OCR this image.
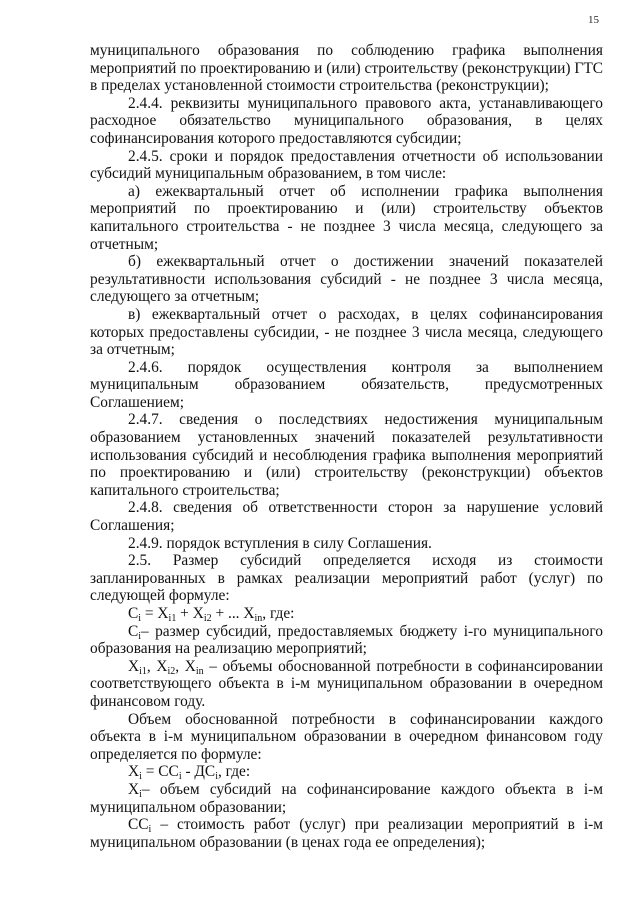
15

муниципального образования по соблюдению графика выполнения мероприятий по проектированию и (или) строительству (реконструкции) ГТС в пределах установленной стоимости строительства (реконструкции);

2.4.4. реквизиты муниципального правового акта, устанавливающего расходное обязательство муниципального образования, в целях софинансирования которого предоставляются субсидии;

2.4.5. сроки и порядок предоставления отчетности об использовании субсидий муниципальным образованием, в том числе:

а) ежеквартальный отчет об исполнении графика выполнения мероприятий по проектированию и (или) строительству объектов капитального строительства - не позднее 3 числа месяца, следующего за отчетным;

б) ежеквартальный отчет о достижении значений показателей результативности использования субсидий - не позднее 3 числа месяца, следующего за отчетным;

в) ежеквартальный отчет о расходах, в целях софинансирования которых предоставлены субсидии, - не позднее 3 числа месяца, следующего за отчетным;

2.4.6. порядок осуществления контроля за выполнением муниципальным образованием обязательств, предусмотренных Соглашением;

2.4.7. сведения о последствиях недостижения муниципальным образованием установленных значений показателей результативности использования субсидий и несоблюдения графика выполнения мероприятий по проектированию и (или) строительству (реконструкции) объектов капитального строительства;

2.4.8. сведения об ответственности сторон за нарушение условий Соглашения;

2.4.9. порядок вступления в силу Соглашения.

2.5. Размер субсидий определяется исходя из стоимости запланированных в рамках реализации мероприятий работ (услуг) по следующей формуле:

$C_i = X_{i1} + X_{i2}$ + ... $X_{in}$, где:

$C_i-$ размер субсидий, предоставляемых бюджету i-го муниципального образования на реализацию мероприятий;

$X_{i1}$, $X_{i2}$, $X_{in}$ – объемы обоснованной потребности в софинансировании соответствующего объекта в i-м муниципальном образовании в очередном финансовом году.

Объем обоснованной потребности в софинансировании каждого объекта в i-м муниципальном образовании в очередном финансовом году определяется по формуле:

$X_i = CC_i - ДС_i$, где:

$X_i-$ объем субсидий на софинансирование каждого объекта в i-м муниципальном образовании;

$CC_i$ – стоимость работ (услуг) при реализации мероприятий в i-м муниципальном образовании (в ценах года ее определения);
